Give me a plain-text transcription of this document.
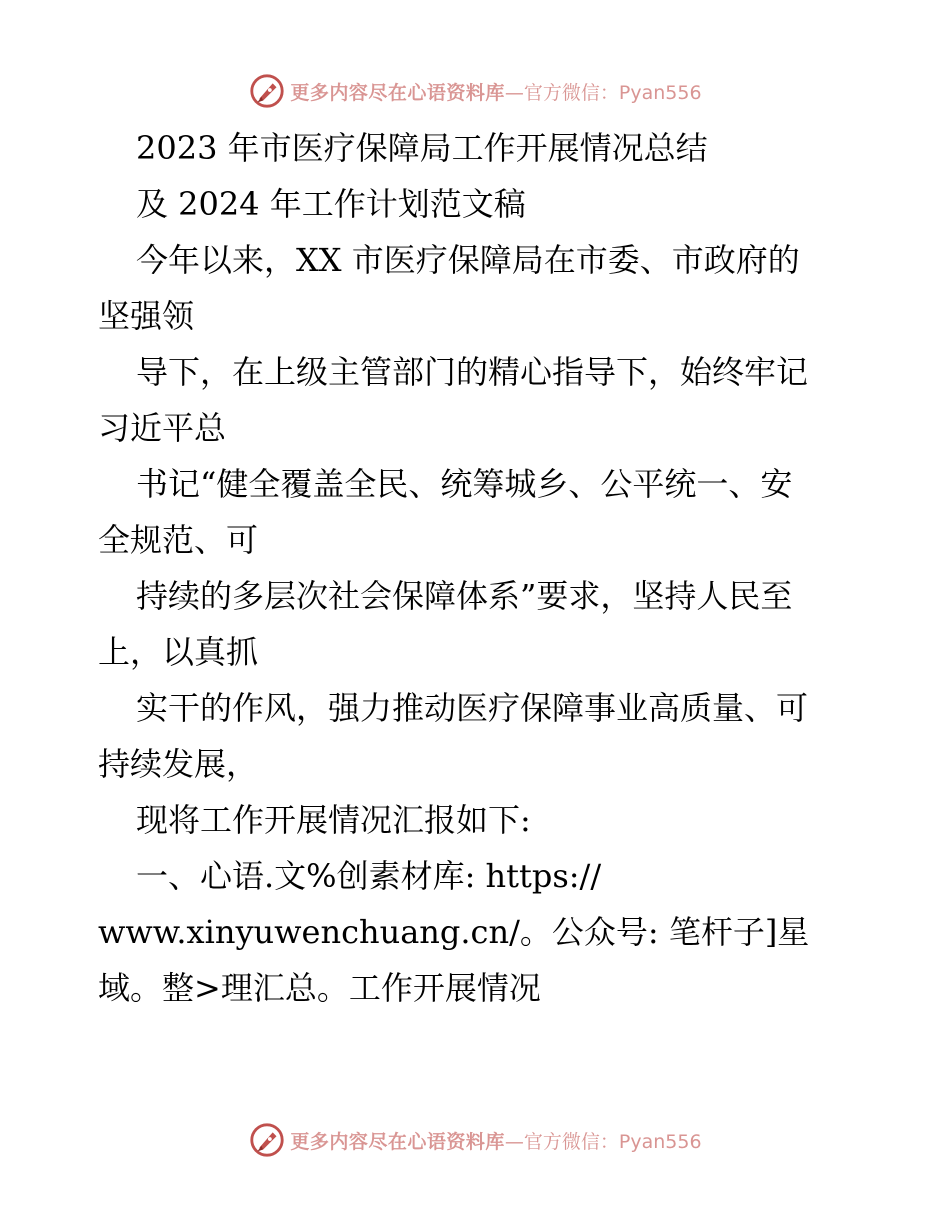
更多内容尽在心语资料库 —官方微信：Pyan556
2023 年市医疗保障局工作开展情况总结
及 2024 年工作计划范文稿
今年以来，XX 市医疗保障局在市委、市政府的
坚强领
导下，在上级主管部门的精心指导下，始终牢记
习近平总
书记“健全覆盖全民、统筹城乡、公平统一、安
全规范、可
持续的多层次社会保障体系”要求，坚持人民至
上，以真抓
实干的作风，强力推动医疗保障事业高质量、可
持续发展，
现将工作开展情况汇报如下:
一、心语.文%创素材库: https://
www.xinyuwenchuang.cn/。公众号: 笔杆子]星
域。整>理汇总。工作开展情况
更多内容尽在心语资料库 —官方微信：Pyan556
